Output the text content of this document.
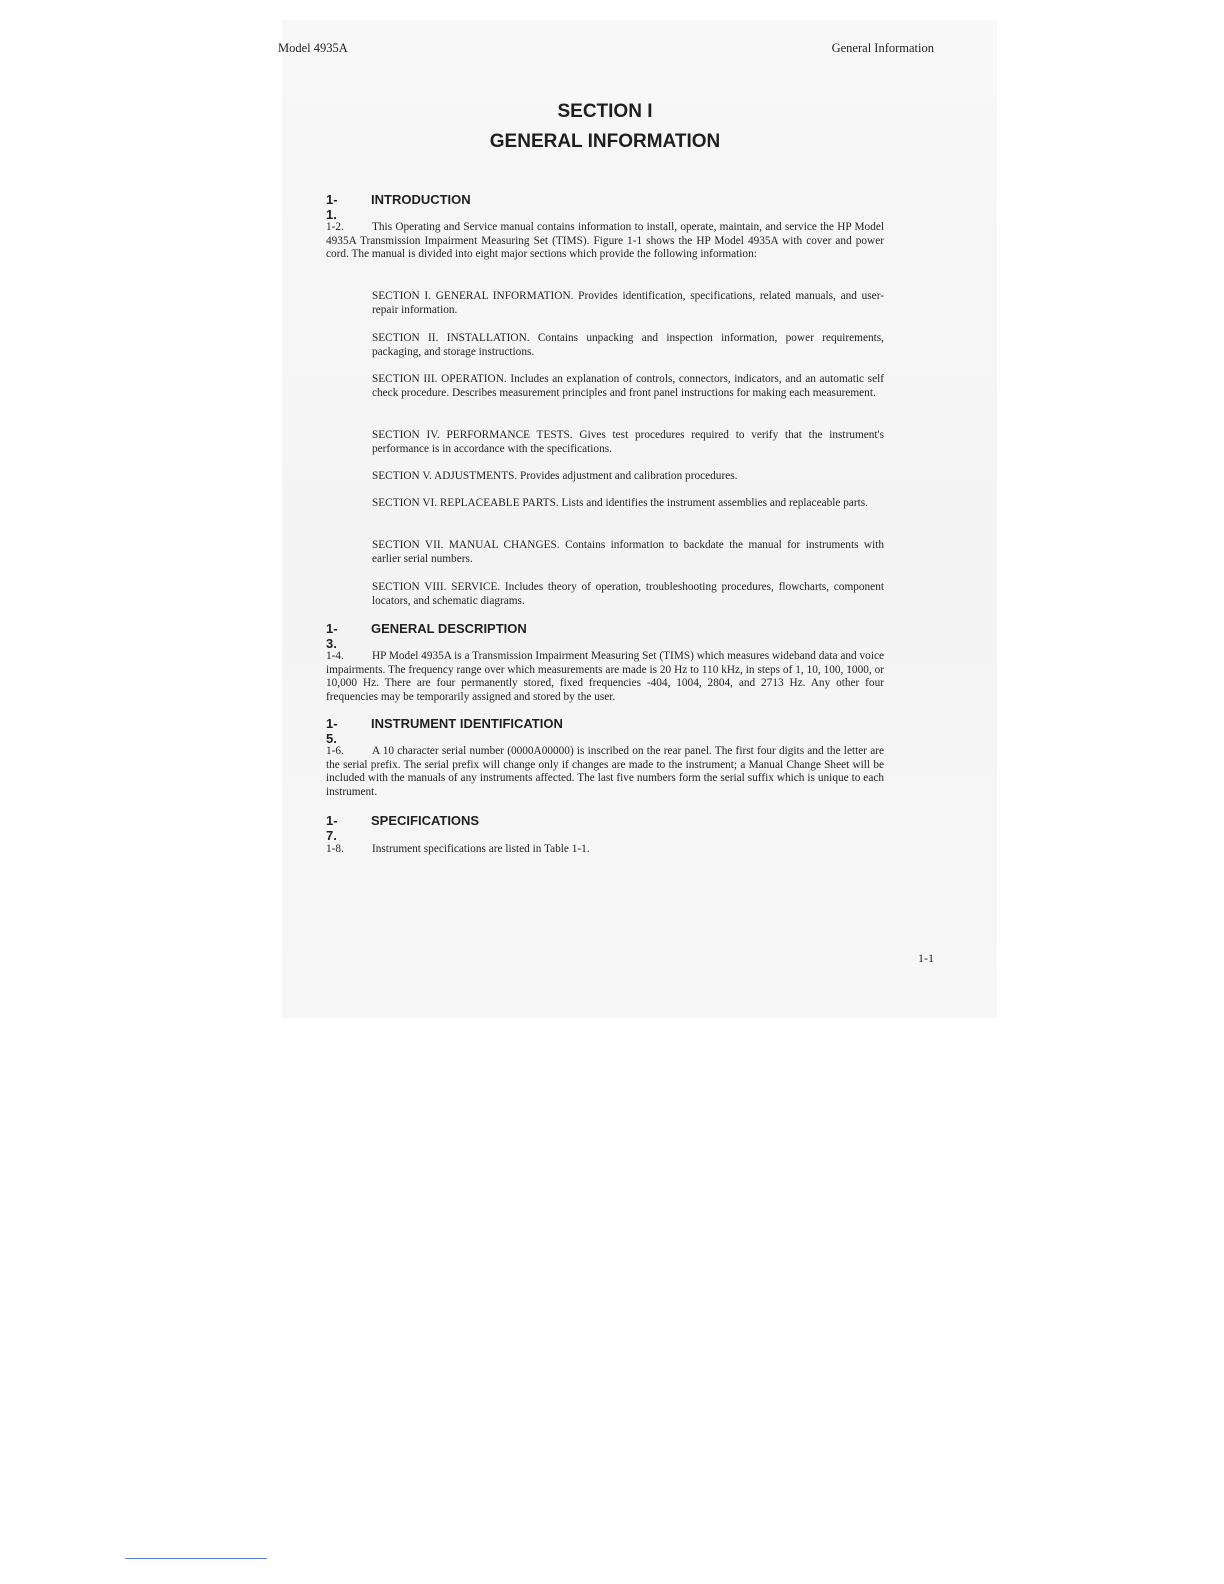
Model 4935A	General Information
SECTION I
GENERAL INFORMATION
1-1.
INTRODUCTION
1-2. This Operating and Service manual contains information to install, operate, maintain, and service the HP Model 4935A Transmission Impairment Measuring Set (TIMS). Figure 1-1 shows the HP Model 4935A with cover and power cord. The manual is divided into eight major sections which provide the following information:
SECTION I. GENERAL INFORMATION. Provides identification, specifications, related manuals, and user-repair information.
SECTION II. INSTALLATION. Contains unpacking and inspection information, power requirements, packaging, and storage instructions.
SECTION III. OPERATION. Includes an explanation of controls, connectors, indicators, and an automatic self check procedure. Describes measurement principles and front panel instructions for making each measurement.
SECTION IV. PERFORMANCE TESTS. Gives test procedures required to verify that the instrument's performance is in accordance with the specifications.
SECTION V. ADJUSTMENTS. Provides adjustment and calibration procedures.
SECTION VI. REPLACEABLE PARTS. Lists and identifies the instrument assemblies and replaceable parts.
SECTION VII. MANUAL CHANGES. Contains information to backdate the manual for instruments with earlier serial numbers.
SECTION VIII. SERVICE. Includes theory of operation, troubleshooting procedures, flowcharts, component locators, and schematic diagrams.
1-3.
GENERAL DESCRIPTION
1-4. HP Model 4935A is a Transmission Impairment Measuring Set (TIMS) which measures wideband data and voice impairments. The frequency range over which measurements are made is 20 Hz to 110 kHz, in steps of 1, 10, 100, 1000, or 10,000 Hz. There are four permanently stored, fixed frequencies -404, 1004, 2804, and 2713 Hz. Any other four frequencies may be temporarily assigned and stored by the user.
1-5.
INSTRUMENT IDENTIFICATION
1-6. A 10 character serial number (0000A00000) is inscribed on the rear panel. The first four digits and the letter are the serial prefix. The serial prefix will change only if changes are made to the instrument; a Manual Change Sheet will be included with the manuals of any instruments affected. The last five numbers form the serial suffix which is unique to each instrument.
1-7.
SPECIFICATIONS
1-8. Instrument specifications are listed in Table 1-1.
1-1
